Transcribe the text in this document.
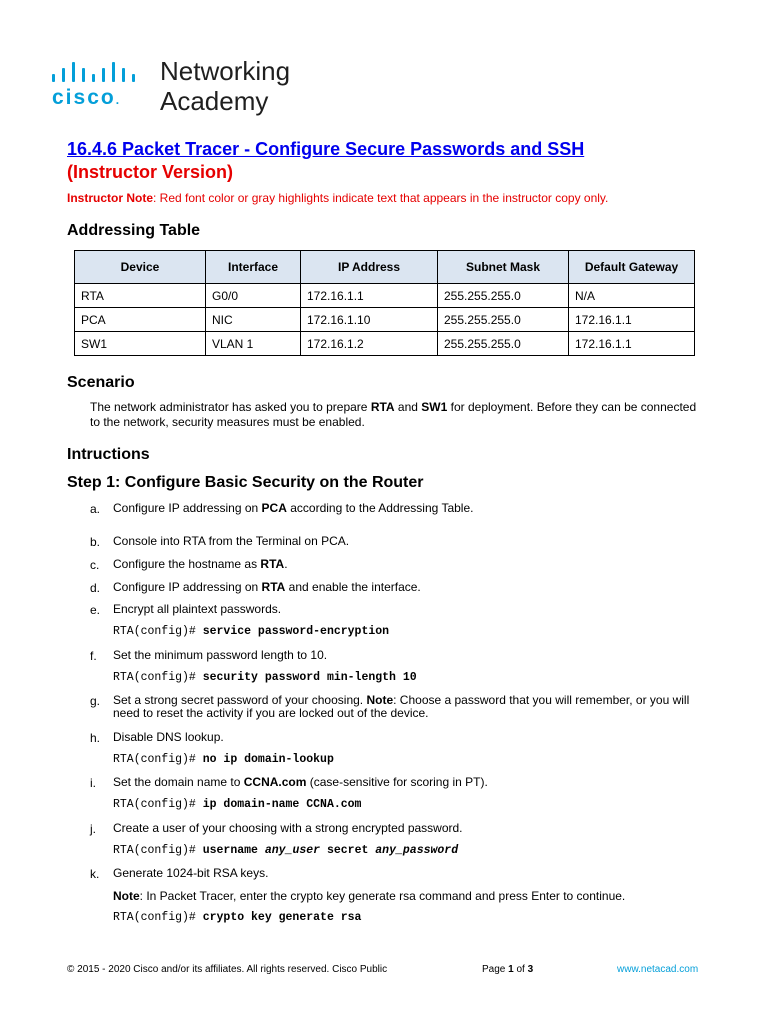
cisco.
Networking
Academy
16.4.6 Packet Tracer - Configure Secure Passwords and SSH
(Instructor Version)
Instructor Note: Red font color or gray highlights indicate text that appears in the instructor copy only.
Addressing Table
Device	Interface	IP Address	Subnet Mask	Default Gateway
RTA	G0/0	172.16.1.1	255.255.255.0	N/A
PCA	NIC	172.16.1.10	255.255.255.0	172.16.1.1
SW1	VLAN 1	172.16.1.2	255.255.255.0	172.16.1.1
Scenario
The network administrator has asked you to prepare RTA and SW1 for deployment. Before they can be connected to the network, security measures must be enabled.
Intructions
Step 1: Configure Basic Security on the Router
a. Configure IP addressing on PCA according to the Addressing Table.
b. Console into RTA from the Terminal on PCA.
c. Configure the hostname as RTA.
d. Configure IP addressing on RTA and enable the interface.
e. Encrypt all plaintext passwords.
RTA(config)# service password-encryption
f. Set the minimum password length to 10.
RTA(config)# security password min-length 10
g. Set a strong secret password of your choosing. Note: Choose a password that you will remember, or you will need to reset the activity if you are locked out of the device.
h. Disable DNS lookup.
RTA(config)# no ip domain-lookup
i. Set the domain name to CCNA.com (case-sensitive for scoring in PT).
RTA(config)# ip domain-name CCNA.com
j. Create a user of your choosing with a strong encrypted password.
RTA(config)# username any_user secret any_password
k. Generate 1024-bit RSA keys.
Note: In Packet Tracer, enter the crypto key generate rsa command and press Enter to continue.
RTA(config)# crypto key generate rsa
© 2015 - 2020 Cisco and/or its affiliates. All rights reserved. Cisco Public	Page 1 of 3	www.netacad.com
